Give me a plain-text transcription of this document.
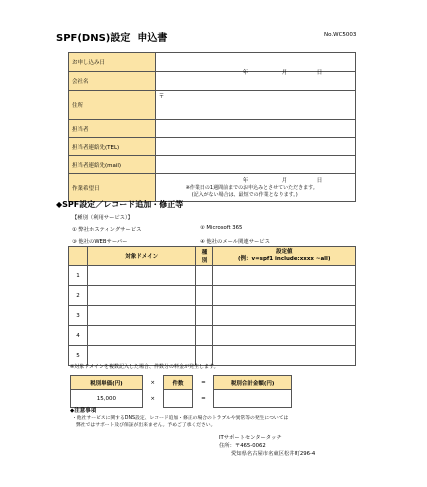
SPF(DNS)設定  申込書	No.WC5003
お申し込み日	年 月 日

会社名	
住所	〒
担当者	
担当者連絡先(TEL)	
担当者連絡先(mail)	
作業希望日	年 月 日
※作業日の1週間前までのお申込みとさせていただきます。
(記入がない場合は、最短での作業となります。)
◆SPF設定／レコード追加・修正等
【種別（利用サービス）】
① 弊社ホスティングサービス	② Microsoft 365
③ 他社のWEBサーバー	④ 他社のメール関連サービス
	対象ドメイン	種別	設定値
(例：v=spf1 include:xxxx ~all)

1			
2			
3			
4			
5			
※対象ドメインを複数記入した場合、件数分の料金が発生します。
税別単価(円)	×	件数	=	税別合計金額(円)
15,000	×		=	
◆注意事項
・他社サービスに関するDNS設定、レコード追加・修正の場合のトラブルや異常等の発生については
弊社ではサポート及び保証が出来ません。予めご了承ください。
ITサポートセンタータッチ
住所：〒465-0062
愛知県名古屋市名東区松井町296-4
